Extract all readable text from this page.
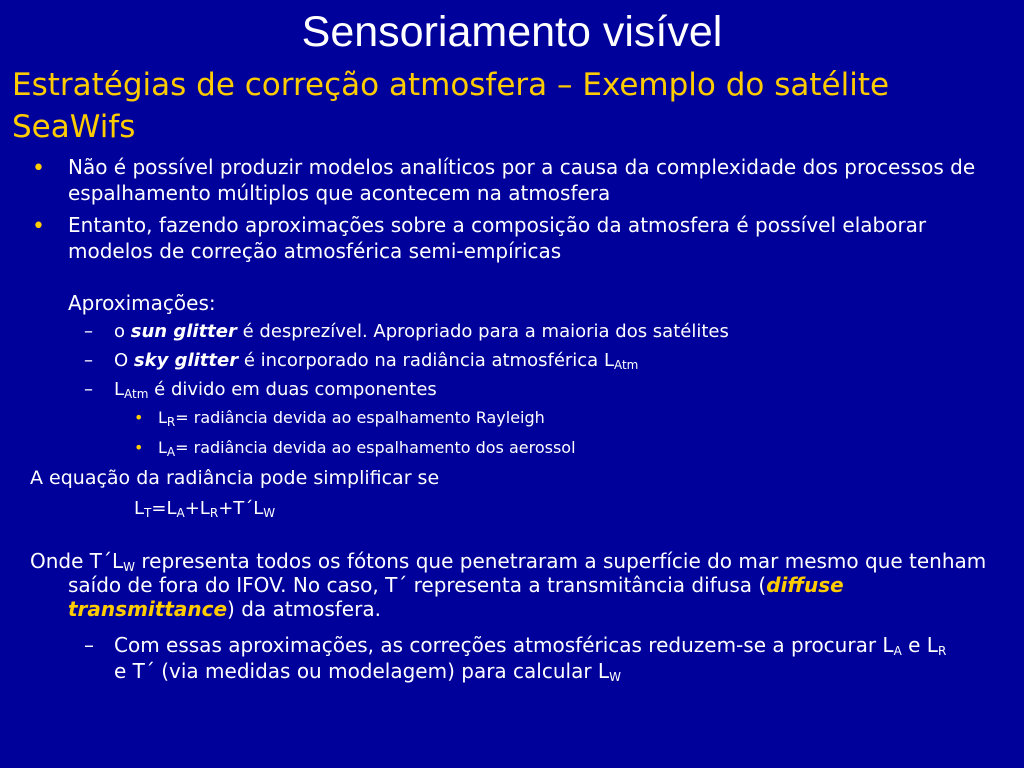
Sensoriamento visível
Estratégias de correção atmosfera – Exemplo do satélite SeaWifs
• Não é possível produzir modelos analíticos por a causa da complexidade dos processos de espalhamento múltiplos que acontecem na atmosfera
• Entanto, fazendo aproximações sobre a composição da atmosfera é possível elaborar modelos de correção atmosférica semi-empíricas
Aproximações:
– o sun glitter é desprezível. Apropriado para a maioria dos satélites
– O sky glitter é incorporado na radiância atmosférica $L_{Atm}$
– $L_{Atm}$ é divido em duas componentes
• $L_R=$ radiância devida ao espalhamento Rayleigh
• $L_A=$ radiância devida ao espalhamento dos aerossol
A equação da radiância pode simplificar se
$L_T=L_A+L_R+T´L_W$
Onde $T´L_W$ representa todos os fótons que penetraram a superfície do mar mesmo que tenham saído de fora do IFOV. No caso, T´ representa a transmitância difusa (diffuse transmittance) da atmosfera.
– Com essas aproximações, as correções atmosféricas reduzem-se a procurar $L_A$ e $L_R$ e T´ (via medidas ou modelagem) para calcular $L_W$
